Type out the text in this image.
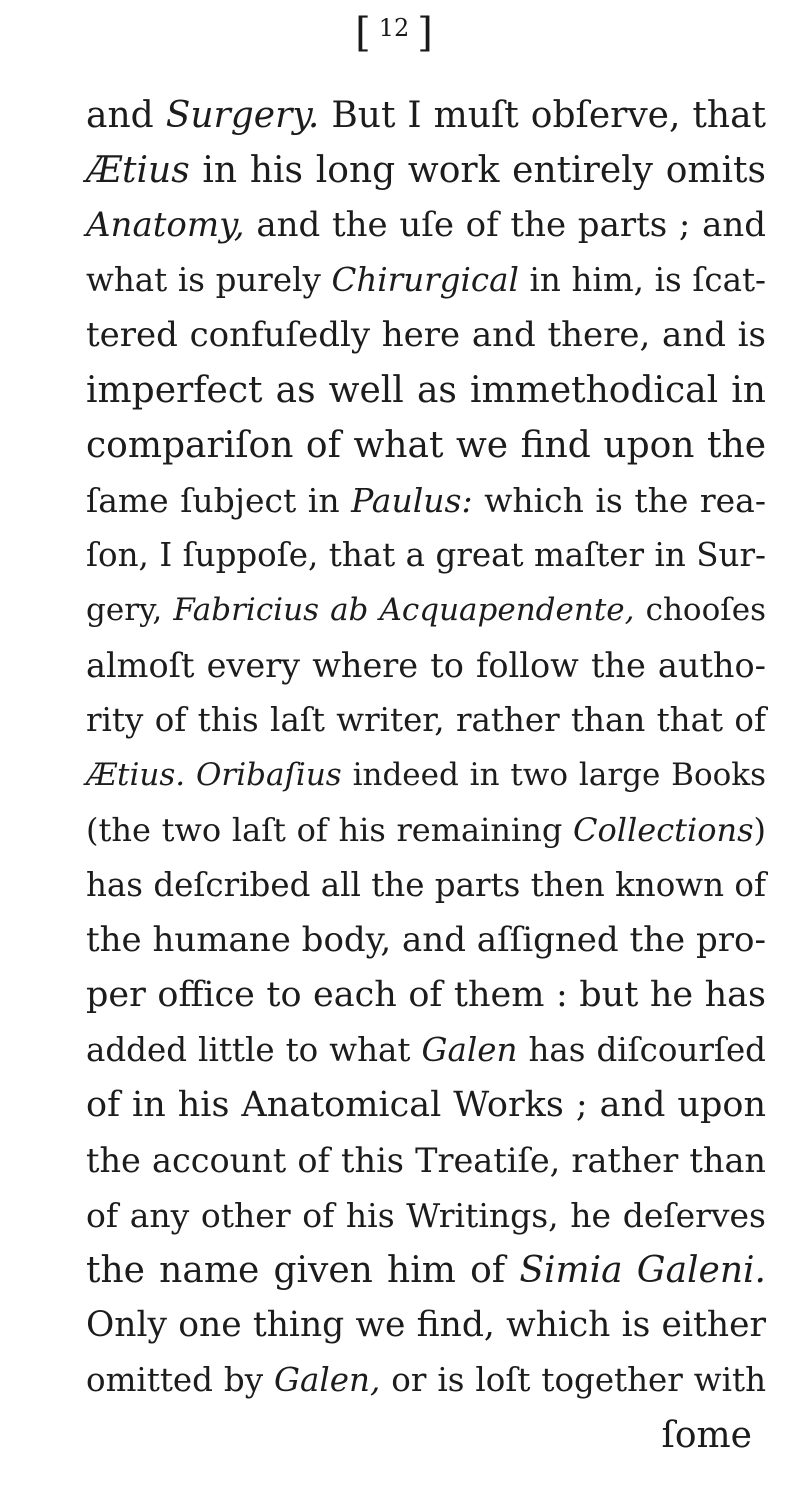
[ $^{12}$ ]
and Surgery. But I muſt obſerve, that
Ætius in his long work entirely omits
Anatomy, and the uſe of the parts ; and
what is purely Chirurgical in him, is ſcat-
tered confuſedly here and there, and is
imperfect as well as immethodical in
compariſon of what we find upon the
ſame ſubject in Paulus: which is the rea-
ſon, I ſuppoſe, that a great maſter in Sur-
gery, Fabricius ab Acquapendente, chooſes
almoſt every where to follow the autho-
rity of this laſt writer, rather than that of
Ætius. Oribaſius indeed in two large Books
(the two laſt of his remaining Collections)
has deſcribed all the parts then known of
the humane body, and aſſigned the pro-
per office to each of them : but he has
added little to what Galen has diſcourſed
of in his Anatomical Works ; and upon
the account of this Treatiſe, rather than
of any other of his Writings, he deſerves
the name given him of Simia Galeni.
Only one thing we find, which is either
omitted by Galen, or is loſt together with
ſome
